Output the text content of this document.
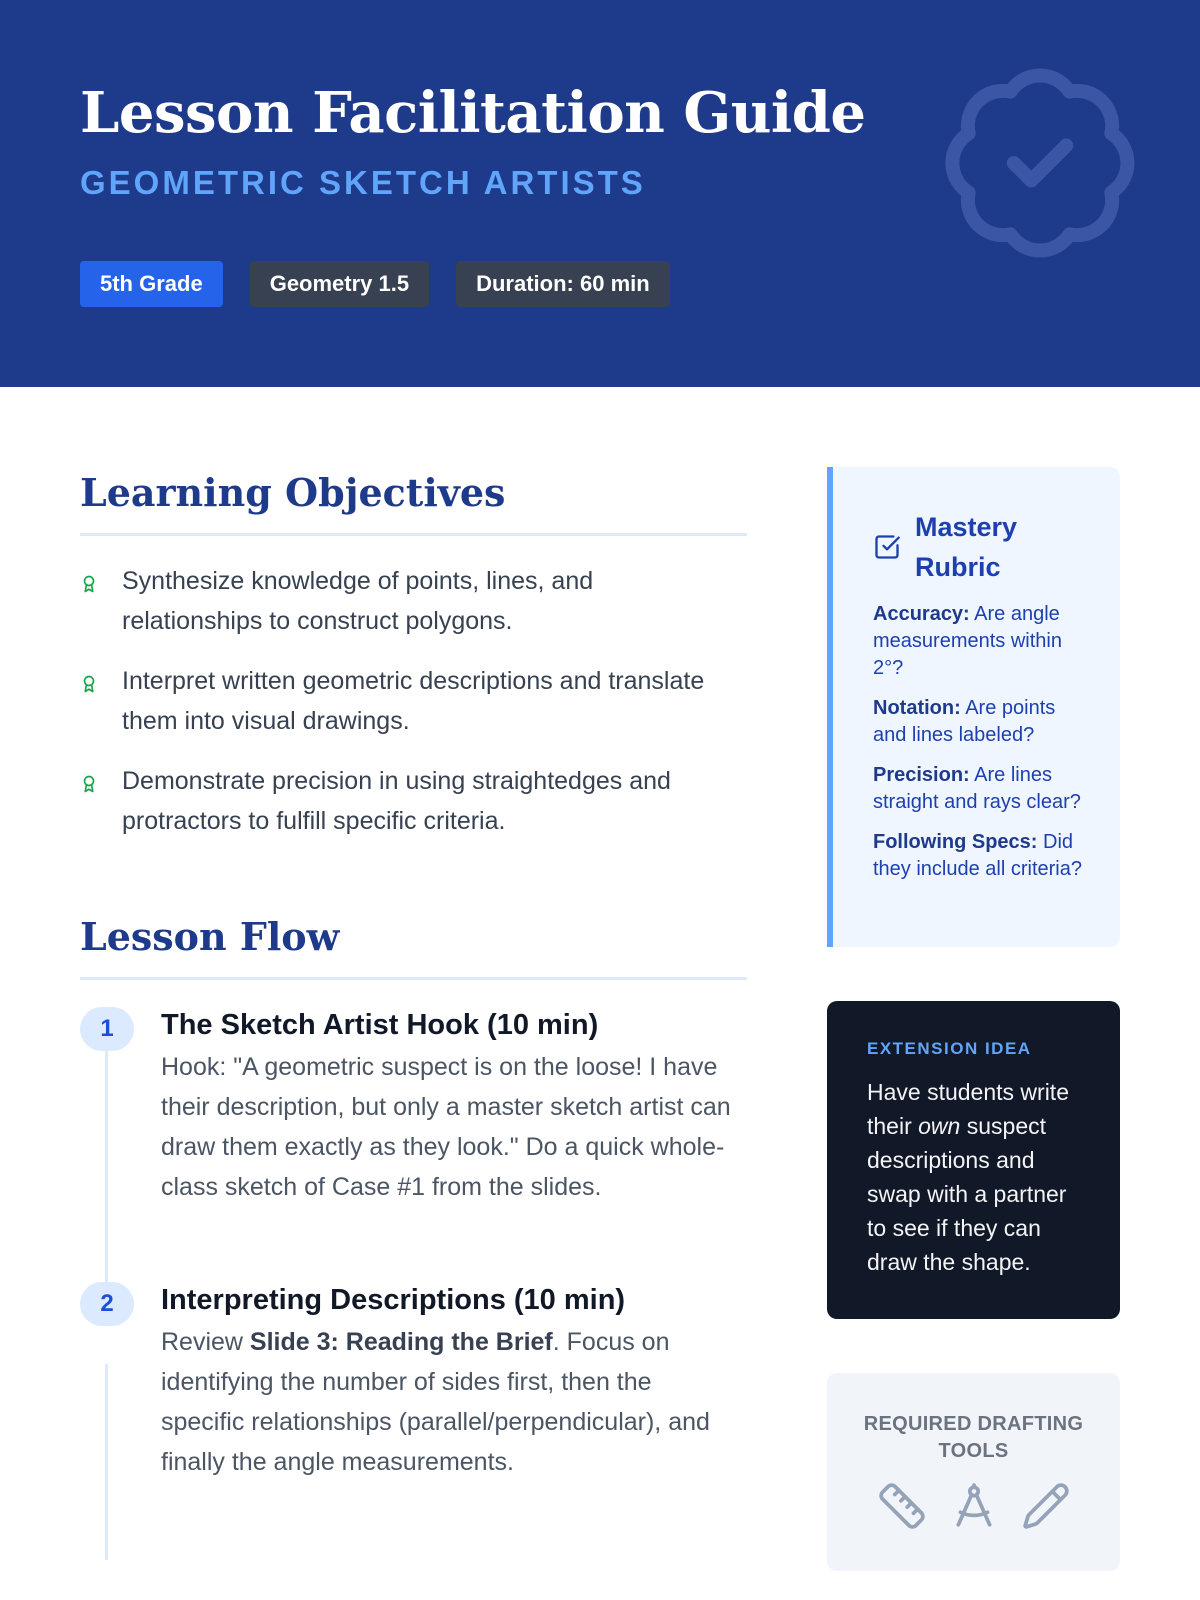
Lesson Facilitation Guide
GEOMETRIC SKETCH ARTISTS
5th Grade	Geometry 1.5	Duration: 60 min
Learning Objectives
Synthesize knowledge of points, lines, and relationships to construct polygons.
Interpret written geometric descriptions and translate them into visual drawings.
Demonstrate precision in using straightedges and protractors to fulfill specific criteria.
Lesson Flow
1	The Sketch Artist Hook (10 min)
Hook: "A geometric suspect is on the loose! I have their description, but only a master sketch artist can draw them exactly as they look." Do a quick whole-class sketch of Case #1 from the slides.
2	Interpreting Descriptions (10 min)
Review Slide 3: Reading the Brief. Focus on identifying the number of sides first, then the specific relationships (parallel/perpendicular), and finally the angle measurements.
Mastery Rubric
Accuracy: Are angle measurements within 2°?
Notation: Are points and lines labeled?
Precision: Are lines straight and rays clear?
Following Specs: Did they include all criteria?
EXTENSION IDEA
Have students write their own suspect descriptions and swap with a partner to see if they can draw the shape.
REQUIRED DRAFTING TOOLS
